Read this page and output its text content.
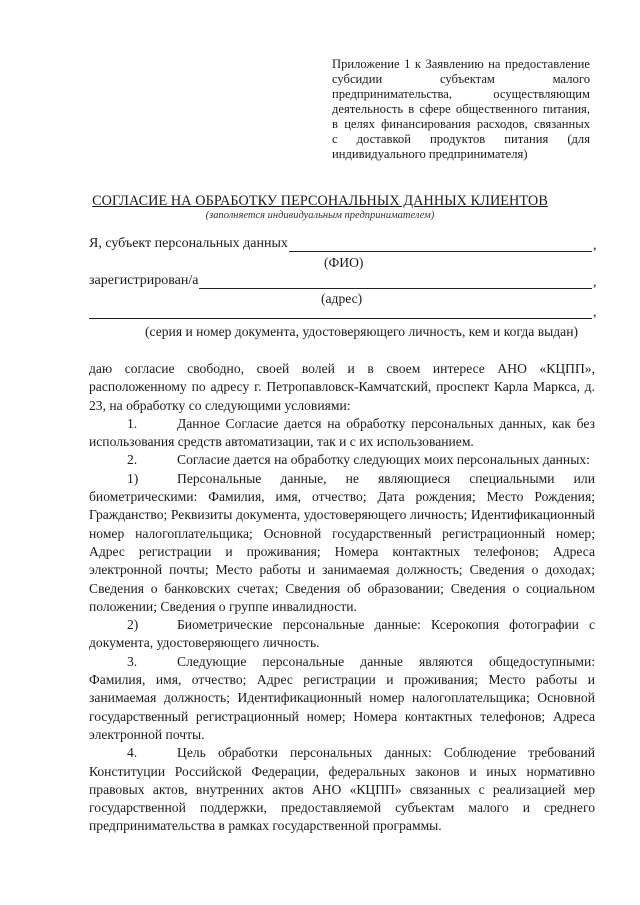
Приложение 1 к Заявлению на предоставление
субсидии субъектам малого
предпринимательства, осуществляющим
деятельность в сфере общественного питания,
в целях финансирования расходов, связанных
с доставкой продуктов питания (для
индивидуального предпринимателя)
СОГЛАСИЕ НА ОБРАБОТКУ ПЕРСОНАЛЬНЫХ ДАННЫХ КЛИЕНТОВ
(заполняется индивидуальным предпринимателем)
Я, субъект персональных данных	,
(ФИО)
зарегистрирован/а	,
(адрес)
,
(серия и номер документа, удостоверяющего личность, кем и когда выдан)

даю согласие свободно, своей волей и в своем интересе АНО «КЦПП», расположенному по адресу г. Петропавловск-Камчатский, проспект Карла Маркса, д. 23, на обработку со следующими условиями:

1.	Данное Согласие дается на обработку персональных данных, как без использования средств автоматизации, так и с их использованием.

2.	Согласие дается на обработку следующих моих персональных данных:

1)	Персональные данные, не являющиеся специальными или биометрическими: Фамилия, имя, отчество; Дата рождения; Место Рождения; Гражданство; Реквизиты документа, удостоверяющего личность; Идентификационный номер налогоплательщика; Основной государственный регистрационный номер; Адрес регистрации и проживания; Номера контактных телефонов; Адреса электронной почты; Место работы и занимаемая должность; Сведения о доходах; Сведения о банковских счетах; Сведения об образовании; Сведения о социальном положении; Сведения о группе инвалидности.

2)	Биометрические персональные данные: Ксерокопия фотографии с документа, удостоверяющего личность.

3.	Следующие персональные данные являются общедоступными: Фамилия, имя, отчество; Адрес регистрации и проживания; Место работы и занимаемая должность; Идентификационный номер налогоплательщика; Основной государственный регистрационный номер; Номера контактных телефонов; Адреса электронной почты.

4.	Цель обработки персональных данных: Соблюдение требований Конституции Российской Федерации, федеральных законов и иных нормативно правовых актов, внутренних актов АНО «КЦПП» связанных с реализацией мер государственной поддержки, предоставляемой субъектам малого и среднего предпринимательства в рамках государственной программы.
